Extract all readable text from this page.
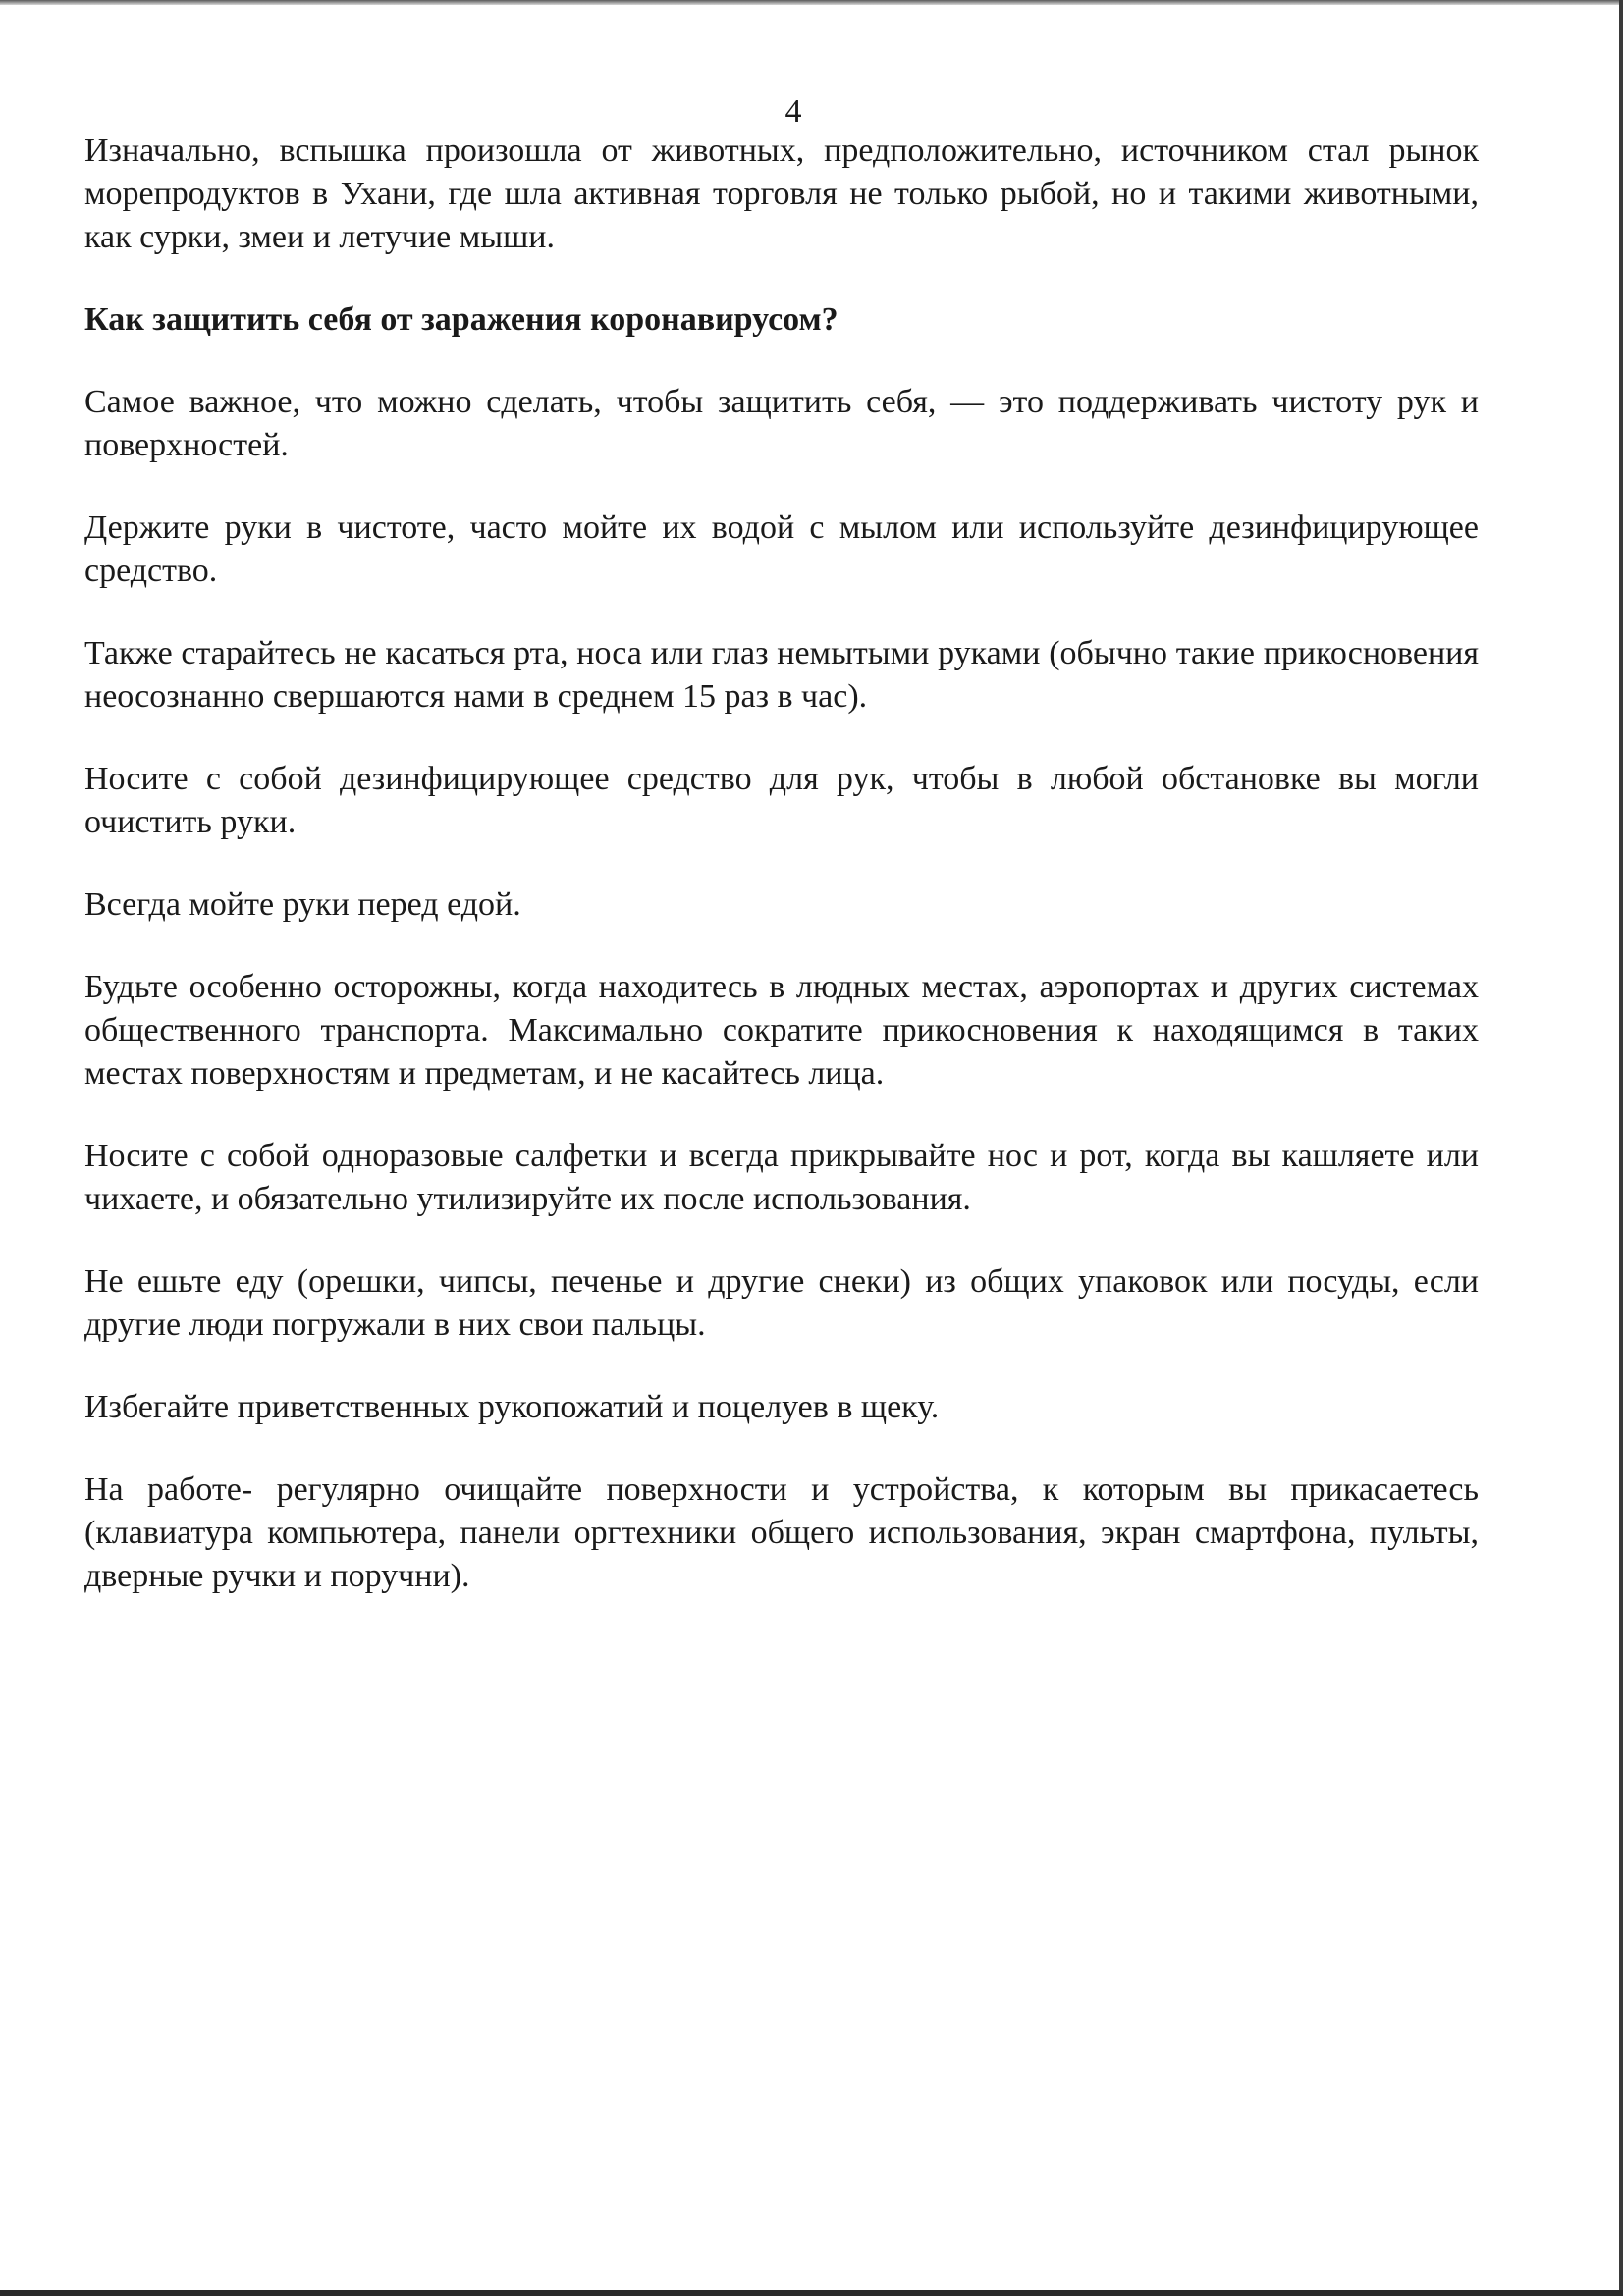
4

Изначально, вспышка произошла от животных, предположительно, источником стал рынок морепродуктов в Ухани, где шла активная торговля не только рыбой, но и такими животными, как сурки, змеи и летучие мыши.

Как защитить себя от заражения коронавирусом?

Самое важное, что можно сделать, чтобы защитить себя, — это поддерживать чистоту рук и поверхностей.

Держите руки в чистоте, часто мойте их водой с мылом или используйте дезинфицирующее средство.

Также старайтесь не касаться рта, носа или глаз немытыми руками (обычно такие прикосновения неосознанно свершаются нами в среднем 15 раз в час).

Носите с собой дезинфицирующее средство для рук, чтобы в любой обстановке вы могли очистить руки.

Всегда мойте руки перед едой.

Будьте особенно осторожны, когда находитесь в людных местах, аэропортах и других системах общественного транспорта. Максимально сократите прикосновения к находящимся в таких местах поверхностям и предметам, и не касайтесь лица.

Носите с собой одноразовые салфетки и всегда прикрывайте нос и рот, когда вы кашляете или чихаете, и обязательно утилизируйте их после использования.

Не ешьте еду (орешки, чипсы, печенье и другие снеки) из общих упаковок или посуды, если другие люди погружали в них свои пальцы.

Избегайте приветственных рукопожатий и поцелуев в щеку.

На работе- регулярно очищайте поверхности и устройства, к которым вы прикасаетесь (клавиатура компьютера, панели оргтехники общего использования, экран смартфона, пульты, дверные ручки и поручни).
